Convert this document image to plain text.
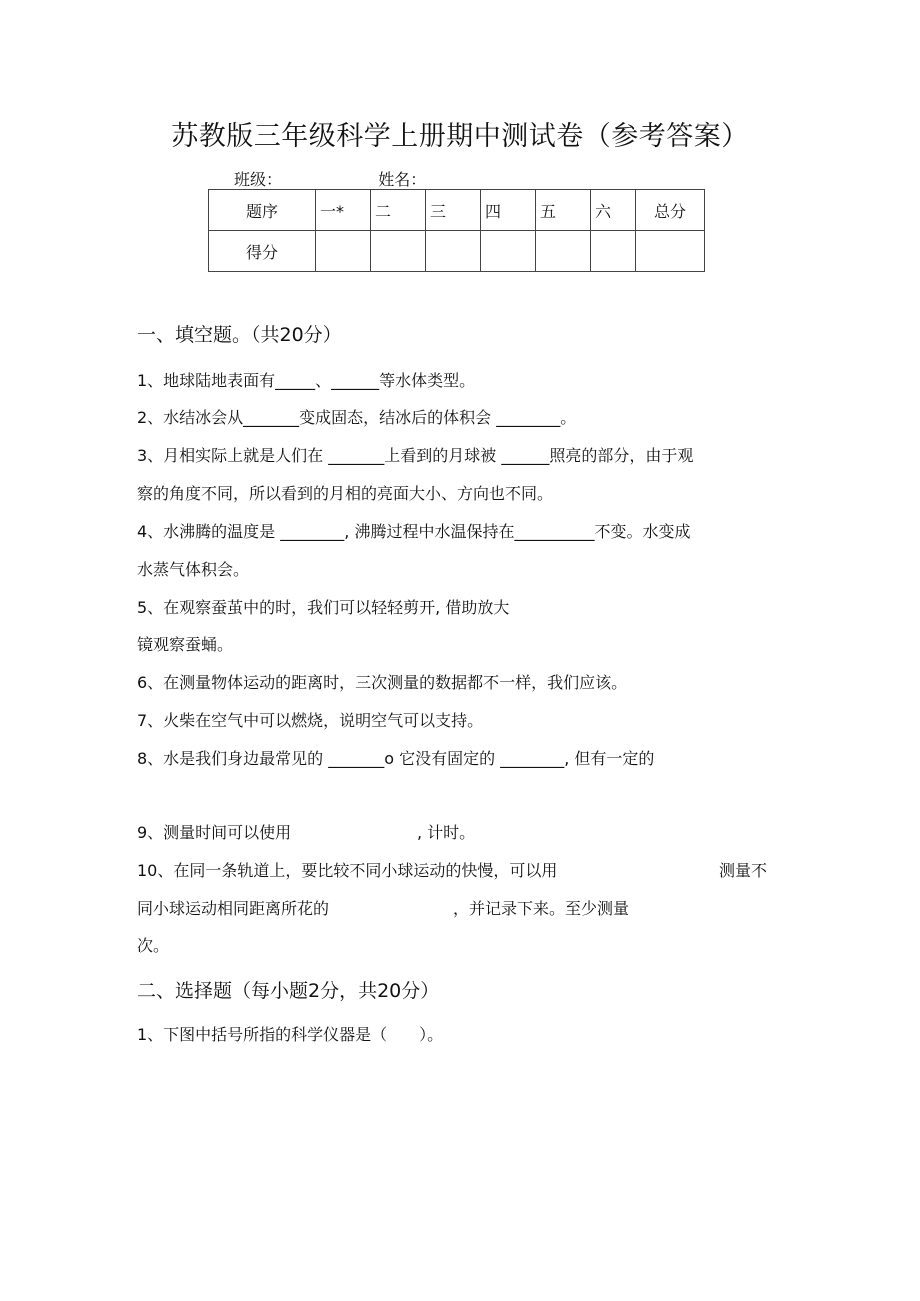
苏教版三年级科学上册期中测试卷（参考答案）
班级：	姓名：
题序	一*	二	三	四	五	六	总分
得分							
一、填空题。（共20分）
1、地球陆地表面有_____、______等水体类型。
2、水结冰会从_______变成固态，结冰后的体积会 ________。
3、月相实际上就是人们在 _______上看到的月球被 ______照亮的部分，由于观
察的角度不同，所以看到的月相的亮面大小、方向也不同。
4、水沸腾的温度是 ________, 沸腾过程中水温保持在__________不变。水变成
水蒸气体积会。
5、在观察蚕茧中的时，我们可以轻轻剪开, 借助放大
镜观察蚕蛹。
6、在测量物体运动的距离时，三次测量的数据都不一样，我们应该。
7、火柴在空气中可以燃烧，说明空气可以支持。
8、水是我们身边最常见的 _______o 它没有固定的 ________, 但有一定的
9、测量时间可以使用	, 计时。
10、在同一条轨道上，要比较不同小球运动的快慢，可以用	测量不
同小球运动相同距离所花的	，并记录下来。至少测量
次。
二、选择题（每小题2分，共20分）
1、下图中括号所指的科学仪器是（　　）。
